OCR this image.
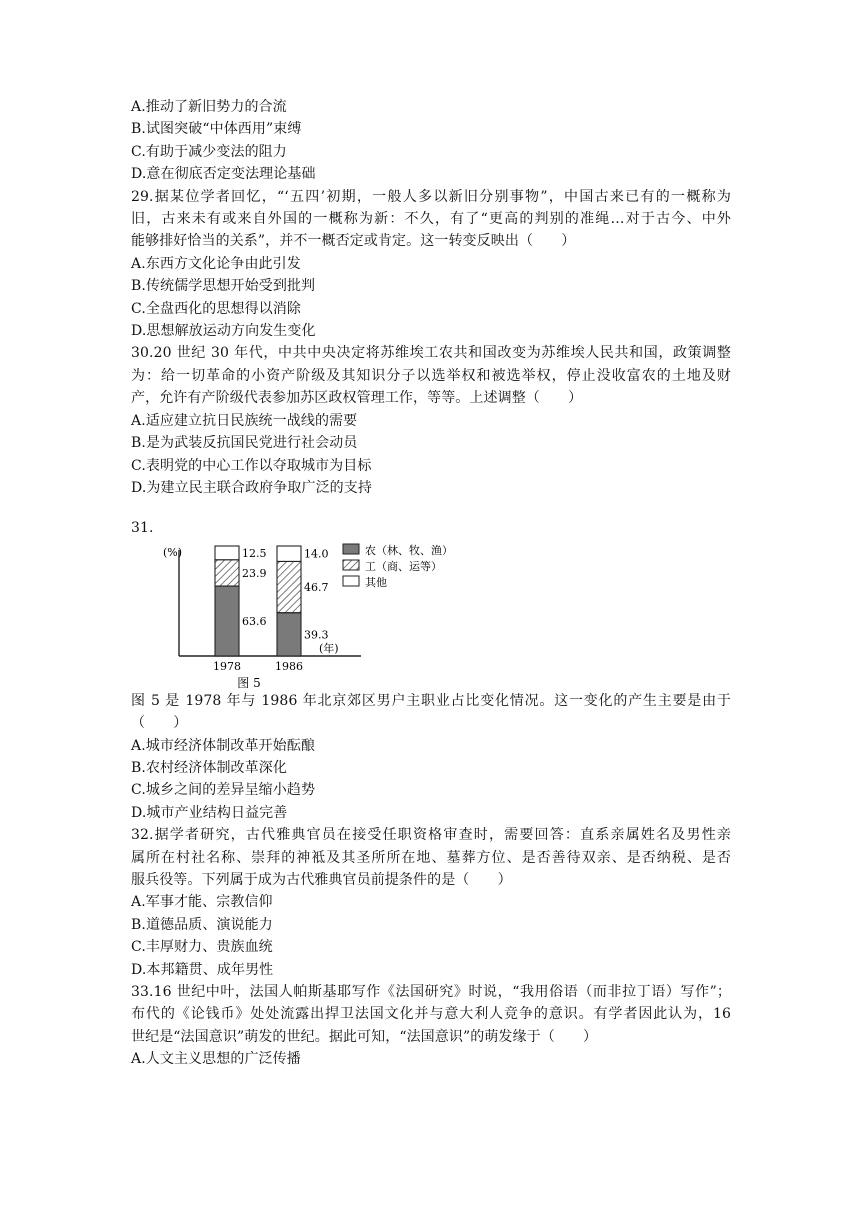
A.推动了新旧势力的合流
B.试图突破“中体西用”束缚
C.有助于减少变法的阻力
D.意在彻底否定变法理论基础
29.据某位学者回忆，“‘五四’初期，一般人多以新旧分别事物”，中国古来已有的一概称为
旧，古来未有或来自外国的一概称为新：不久，有了“更高的判别的准绳…对于古今、中外
能够排好恰当的关系”，并不一概否定或肯定。这一转变反映出（　　）
A.东西方文化论争由此引发
B.传统儒学思想开始受到批判
C.全盘西化的思想得以消除
D.思想解放运动方向发生变化
30.20 世纪 30 年代，中共中央决定将苏维埃工农共和国改变为苏维埃人民共和国，政策调整
为：给一切革命的小资产阶级及其知识分子以选举权和被选举权，停止没收富农的土地及财
产，允许有产阶级代表参加苏区政权管理工作，等等。上述调整（　　）
A.适应建立抗日民族统一战线的需要
B.是为武装反抗国民党进行社会动员
C.表明党的中心工作以夺取城市为目标
D.为建立民主联合政府争取广泛的支持
31.
(%)
(年)
63.6
23.9
12.5
1978
39.3
46.7
14.0
1986
图 5
农（林、牧、渔）
工（商、运等）
其他
图 5 是 1978 年与 1986 年北京郊区男户主职业占比变化情况。这一变化的产生主要是由于
（　　）
A.城市经济体制改革开始酝酿
B.农村经济体制改革深化
C.城乡之间的差异呈缩小趋势
D.城市产业结构日益完善
32.据学者研究，古代雅典官员在接受任职资格审查时，需要回答：直系亲属姓名及男性亲
属所在村社名称、崇拜的神袛及其圣所所在地、墓葬方位、是否善待双亲、是否纳税、是否
服兵役等。下列属于成为古代雅典官员前提条件的是（　　）
A.军事才能、宗教信仰
B.道德品质、演说能力
C.丰厚财力、贵族血统
D.本邦籍贯、成年男性
33.16 世纪中叶，法国人帕斯基耶写作《法国研究》时说，“我用俗语（而非拉丁语）写作”；
布代的《论钱币》处处流露出捍卫法国文化并与意大利人竞争的意识。有学者因此认为，16
世纪是“法国意识”萌发的世纪。据此可知，“法国意识”的萌发缘于（　　）
A.人文主义思想的广泛传播
